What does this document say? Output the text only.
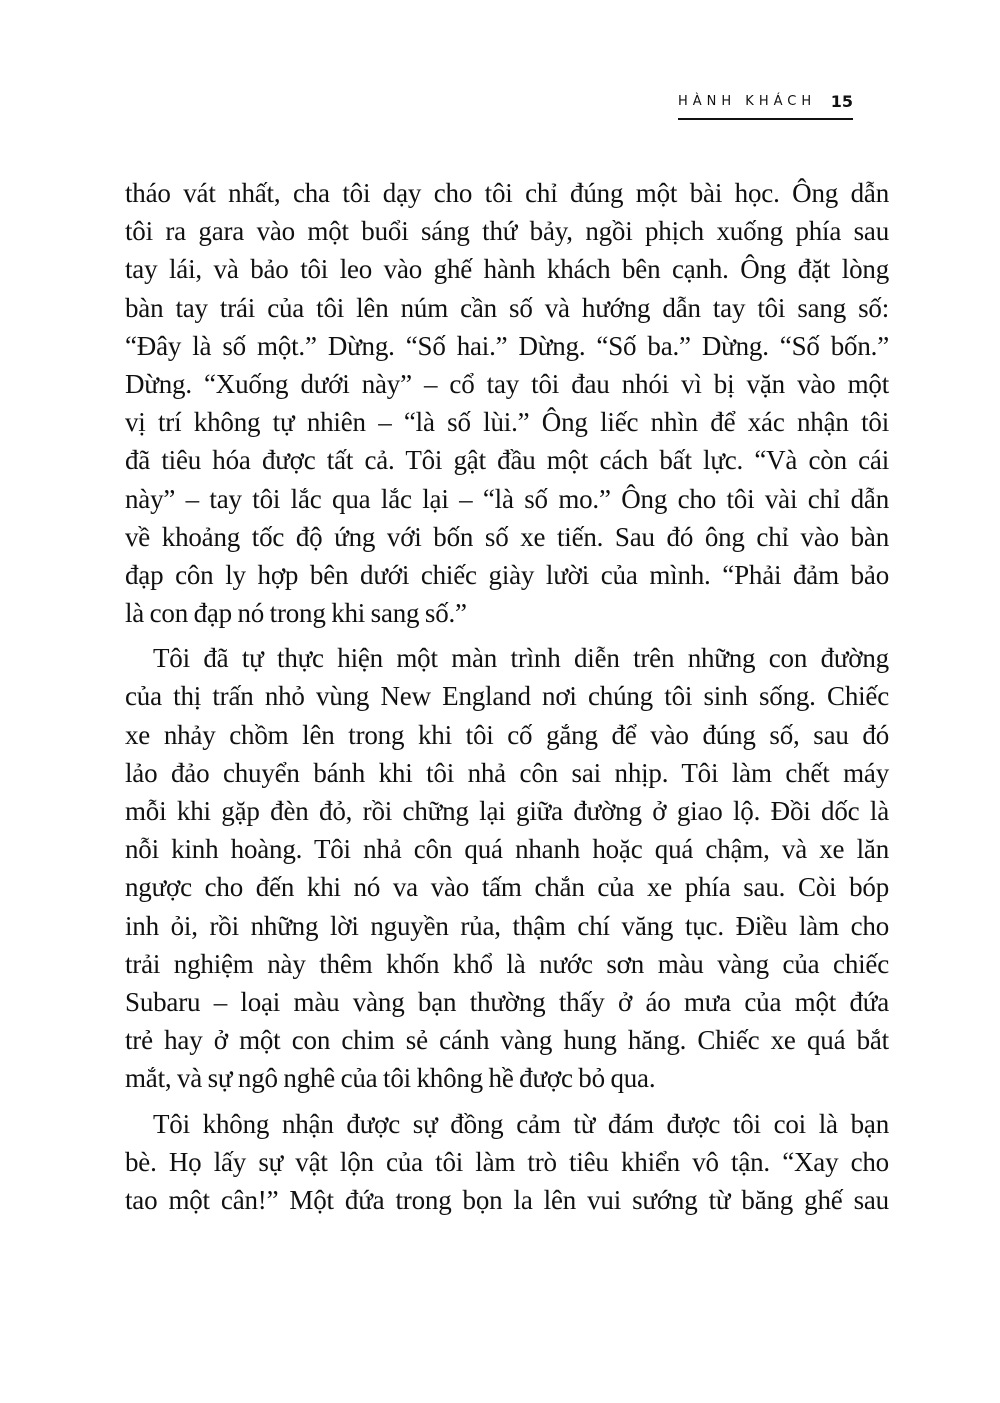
HÀNH KHÁCH 15
tháo vát nhất, cha tôi dạy cho tôi chỉ đúng một bài học. Ông dẫn
tôi ra gara vào một buổi sáng thứ bảy, ngồi phịch xuống phía sau
tay lái, và bảo tôi leo vào ghế hành khách bên cạnh. Ông đặt lòng
bàn tay trái của tôi lên núm cần số và hướng dẫn tay tôi sang số:
“Đây là số một.” Dừng. “Số hai.” Dừng. “Số ba.” Dừng. “Số bốn.”
Dừng. “Xuống dưới này” – cổ tay tôi đau nhói vì bị vặn vào một
vị trí không tự nhiên – “là số lùi.” Ông liếc nhìn để xác nhận tôi
đã tiêu hóa được tất cả. Tôi gật đầu một cách bất lực. “Và còn cái
này” – tay tôi lắc qua lắc lại – “là số mo.” Ông cho tôi vài chỉ dẫn
về khoảng tốc độ ứng với bốn số xe tiến. Sau đó ông chỉ vào bàn
đạp côn ly hợp bên dưới chiếc giày lười của mình. “Phải đảm bảo
là con đạp nó trong khi sang số.”
Tôi đã tự thực hiện một màn trình diễn trên những con đường
của thị trấn nhỏ vùng New England nơi chúng tôi sinh sống. Chiếc
xe nhảy chồm lên trong khi tôi cố gắng để vào đúng số, sau đó
lảo đảo chuyển bánh khi tôi nhả côn sai nhịp. Tôi làm chết máy
mỗi khi gặp đèn đỏ, rồi chững lại giữa đường ở giao lộ. Đồi dốc là
nỗi kinh hoàng. Tôi nhả côn quá nhanh hoặc quá chậm, và xe lăn
ngược cho đến khi nó va vào tấm chắn của xe phía sau. Còi bóp
inh ỏi, rồi những lời nguyền rủa, thậm chí văng tục. Điều làm cho
trải nghiệm này thêm khốn khổ là nước sơn màu vàng của chiếc
Subaru – loại màu vàng bạn thường thấy ở áo mưa của một đứa
trẻ hay ở một con chim sẻ cánh vàng hung hăng. Chiếc xe quá bắt
mắt, và sự ngô nghê của tôi không hề được bỏ qua.
Tôi không nhận được sự đồng cảm từ đám được tôi coi là bạn
bè. Họ lấy sự vật lộn của tôi làm trò tiêu khiển vô tận. “Xay cho
tao một cân!” Một đứa trong bọn la lên vui sướng từ băng ghế sau
